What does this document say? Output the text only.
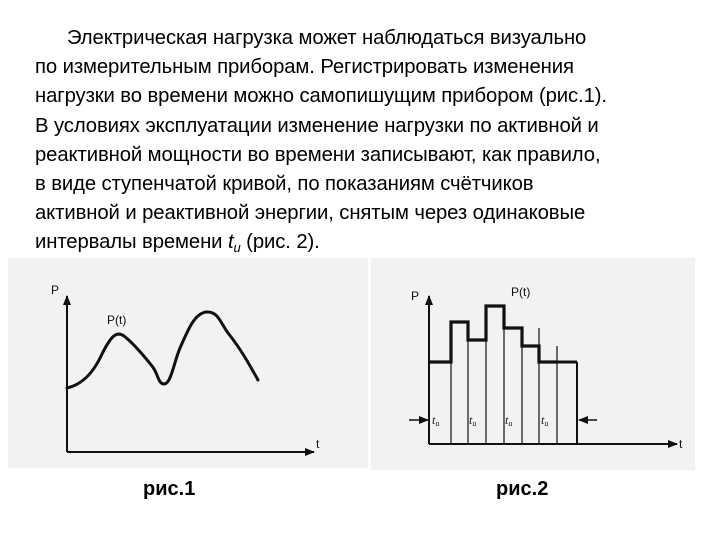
Электрическая нагрузка может наблюдаться визуально
по измерительным приборам. Регистрировать изменения
нагрузки во времени можно самопишущим прибором (рис.1).
В условиях эксплуатации изменение нагрузки по активной и
реактивной мощности во времени записывают, как правило,
в виде ступенчатой кривой, по показаниям счётчиков
активной и реактивной энергии, снятым через одинаковые
интервалы времени $t_u$ (рис. 2).
P
t
P(t)
P
t
P(t)
tu tu tu tu
рис.1	рис.2
